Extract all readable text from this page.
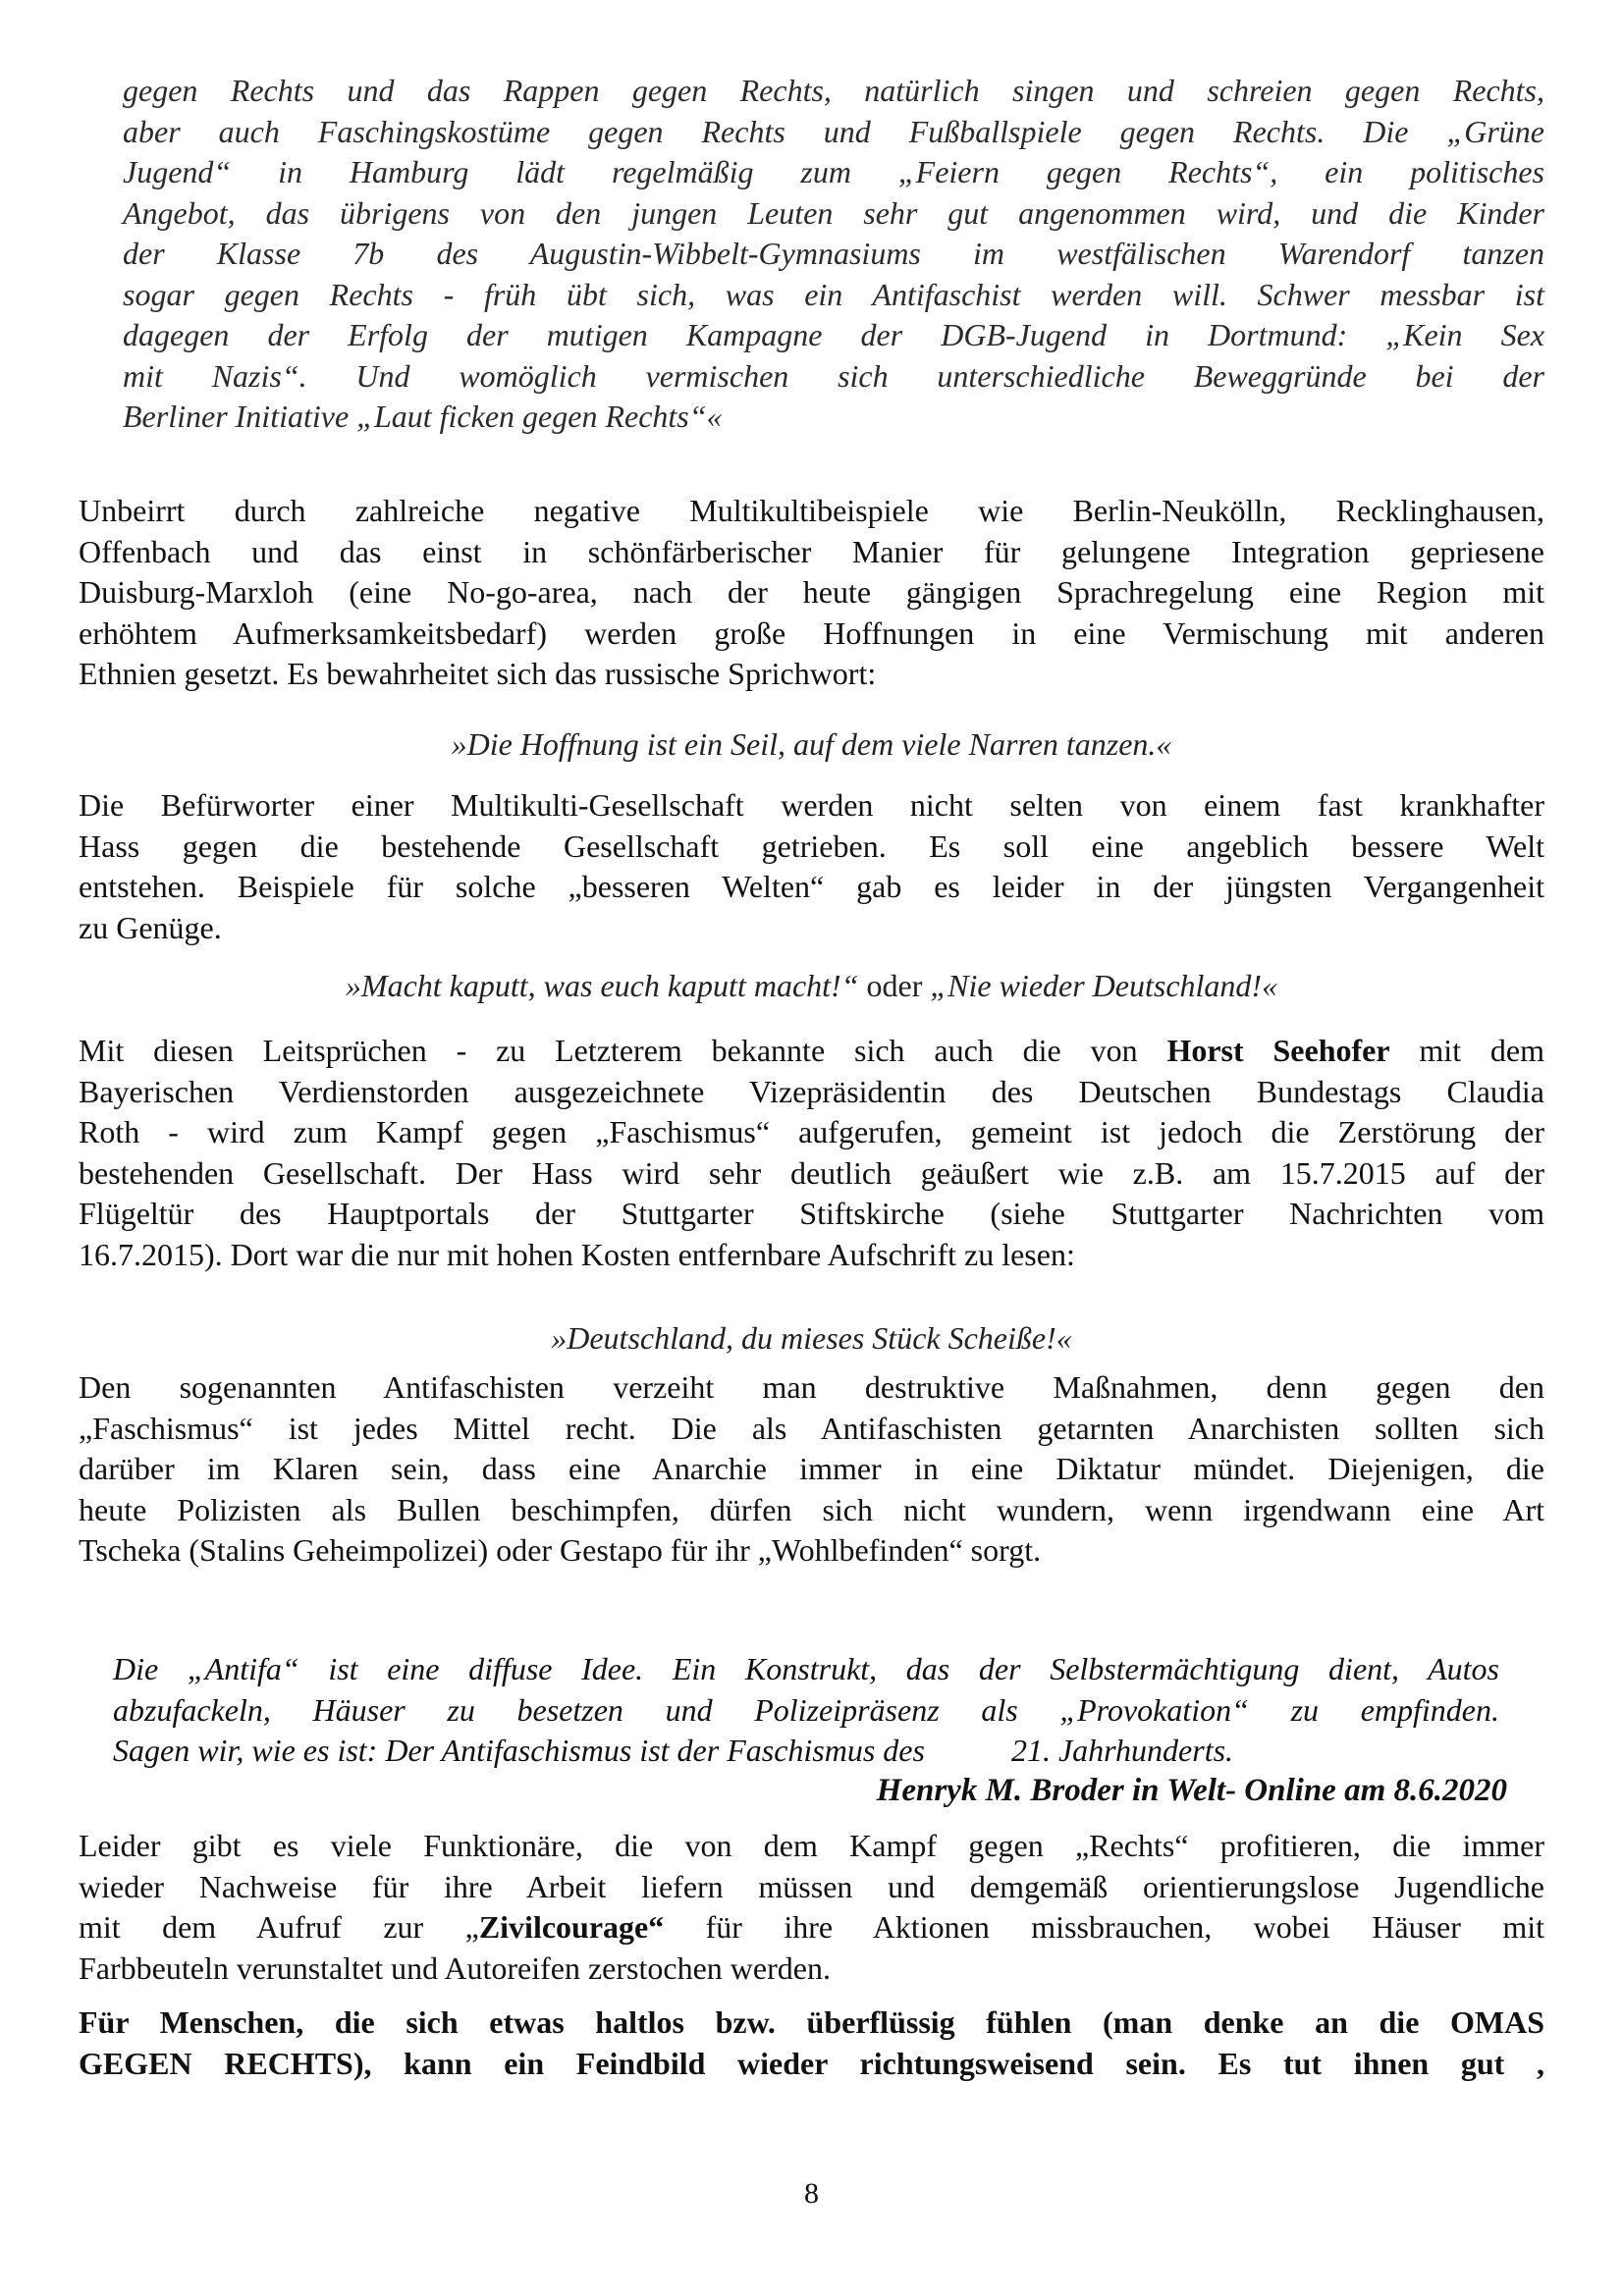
gegen Rechts und das Rappen gegen Rechts, natürlich singen und schreien gegen Rechts,
aber auch Faschingskostüme gegen Rechts und Fußballspiele gegen Rechts. Die „Grüne
Jugend“ in Hamburg lädt regelmäßig zum „Feiern gegen Rechts“, ein politisches
Angebot, das übrigens von den jungen Leuten sehr gut angenommen wird, und die Kinder
der Klasse 7b des Augustin-Wibbelt-Gymnasiums im westfälischen Warendorf tanzen
sogar gegen Rechts - früh übt sich, was ein Antifaschist werden will. Schwer messbar ist
dagegen der Erfolg der mutigen Kampagne der DGB-Jugend in Dortmund: „Kein Sex
mit Nazis“. Und womöglich vermischen sich unterschiedliche Beweggründe bei der
Berliner Initiative „Laut ficken gegen Rechts“«
Unbeirrt durch zahlreiche negative Multikultibeispiele wie Berlin-Neukölln, Recklinghausen,
Offenbach und das einst in schönfärberischer Manier für gelungene Integration gepriesene
Duisburg-Marxloh (eine No-go-area, nach der heute gängigen Sprachregelung eine Region mit
erhöhtem Aufmerksamkeitsbedarf) werden große Hoffnungen in eine Vermischung mit anderen
Ethnien gesetzt. Es bewahrheitet sich das russische Sprichwort:
»Die Hoffnung ist ein Seil, auf dem viele Narren tanzen.«
Die Befürworter einer Multikulti-Gesellschaft werden nicht selten von einem fast krankhafter
Hass gegen die bestehende Gesellschaft getrieben. Es soll eine angeblich bessere Welt
entstehen. Beispiele für solche „besseren Welten“ gab es leider in der jüngsten Vergangenheit
zu Genüge.
»Macht kaputt, was euch kaputt macht!“ oder „Nie wieder Deutschland!«
Mit diesen Leitsprüchen - zu Letzterem bekannte sich auch die von Horst Seehofer mit dem
Bayerischen Verdienstorden ausgezeichnete Vizepräsidentin des Deutschen Bundestags Claudia
Roth - wird zum Kampf gegen „Faschismus“ aufgerufen, gemeint ist jedoch die Zerstörung der
bestehenden Gesellschaft. Der Hass wird sehr deutlich geäußert wie z.B. am 15.7.2015 auf der
Flügeltür des Hauptportals der Stuttgarter Stiftskirche (siehe Stuttgarter Nachrichten vom
16.7.2015). Dort war die nur mit hohen Kosten entfernbare Aufschrift zu lesen:
»Deutschland, du mieses Stück Scheiße!«
Den sogenannten Antifaschisten verzeiht man destruktive Maßnahmen, denn gegen den
„Faschismus“ ist jedes Mittel recht. Die als Antifaschisten getarnten Anarchisten sollten sich
darüber im Klaren sein, dass eine Anarchie immer in eine Diktatur mündet. Diejenigen, die
heute Polizisten als Bullen beschimpfen, dürfen sich nicht wundern, wenn irgendwann eine Art
Tscheka (Stalins Geheimpolizei) oder Gestapo für ihr „Wohlbefinden“ sorgt.
Die „Antifa“ ist eine diffuse Idee. Ein Konstrukt, das der Selbstermächtigung dient, Autos
abzufackeln, Häuser zu besetzen und Polizeipräsenz als „Provokation“ zu empfinden.
Sagen wir, wie es ist: Der Antifaschismus ist der Faschismus des           21. Jahrhunderts.
Henryk M. Broder in Welt- Online am 8.6.2020
Leider gibt es viele Funktionäre, die von dem Kampf gegen „Rechts“ profitieren, die immer
wieder Nachweise für ihre Arbeit liefern müssen und demgemäß orientierungslose Jugendliche
mit dem Aufruf zur „Zivilcourage“ für ihre Aktionen missbrauchen, wobei Häuser mit
Farbbeuteln verunstaltet und Autoreifen zerstochen werden.
Für Menschen, die sich etwas haltlos bzw. überflüssig fühlen (man denke an die OMAS
GEGEN RECHTS), kann ein Feindbild wieder richtungsweisend sein. Es tut ihnen gut ,
8
